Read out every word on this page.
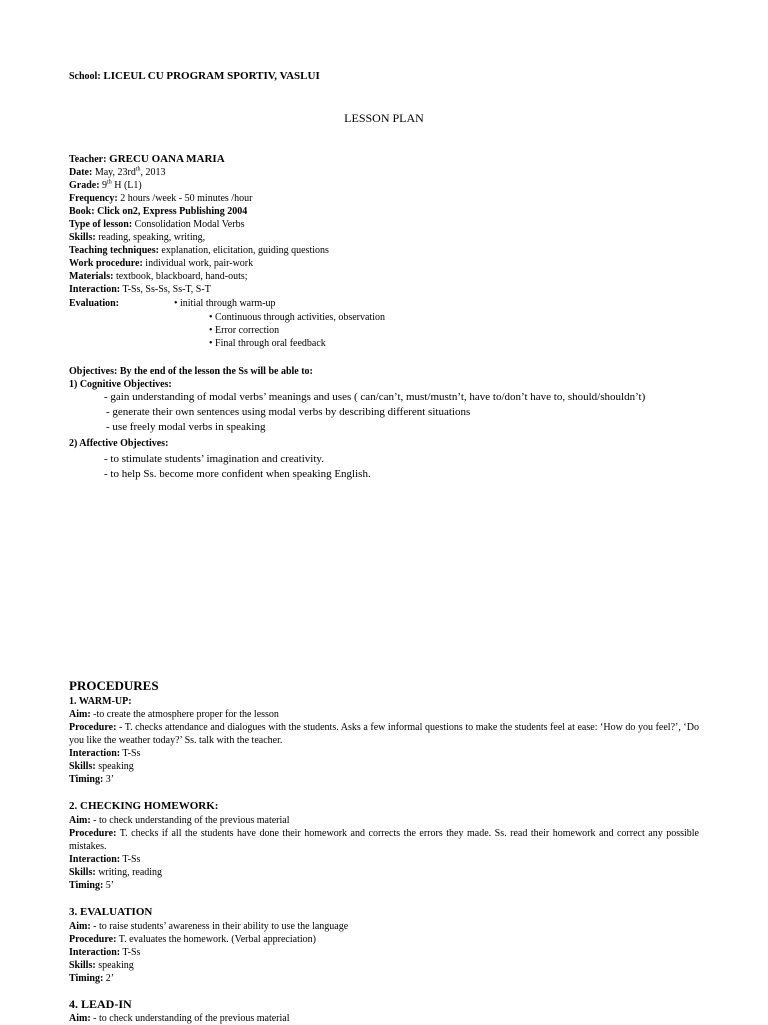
School: LICEUL CU PROGRAM SPORTIV, VASLUI
LESSON PLAN
Teacher: GRECU OANA MARIA
Date: May, $23rd^{th}$, 2013
Grade: 9th H (L1)
Frequency: 2 hours /week - 50 minutes /hour
Book: Click on2, Express Publishing 2004
Type of lesson: Consolidation Modal Verbs
Skills: reading, speaking, writing,
Teaching techniques: explanation, elicitation, guiding questions
Work procedure: individual work, pair-work
Materials: textbook, blackboard, hand-outs;
Interaction: T-Ss, Ss-Ss, Ss-T, S-T
Evaluation:	• initial through warm-up
• Continuous through activities, observation
• Error correction
• Final through oral feedback
Objectives: By the end of the lesson the Ss will be able to:
1) Cognitive Objectives:
- gain understanding of modal verbs’ meanings and uses ( can/can’t, must/mustn’t, have to/don’t have to, should/shouldn’t)
- generate their own sentences using modal verbs by describing different situations
- use freely modal verbs in speaking
2) Affective Objectives:
- to stimulate students’ imagination and creativity.
- to help Ss. become more confident when speaking English.
PROCEDURES
1. WARM-UP:
Aim: -to create the atmosphere proper for the lesson
Procedure: - T. checks attendance and dialogues with the students. Asks a few informal questions to make the students feel at ease: ‘How do you feel?’, ‘Do you like the weather today?’ Ss. talk with the teacher.
Interaction: T-Ss
Skills: speaking
Timing: 3’
2. CHECKING HOMEWORK:
Aim: - to check understanding of the previous material
Procedure: T. checks if all the students have done their homework and corrects the errors they made. Ss. read their homework and correct any possible mistakes.
Interaction: T-Ss
Skills: writing, reading
Timing: 5’
3. EVALUATION
Aim: - to raise students’ awareness in their ability to use the language
Procedure: T. evaluates the homework. (Verbal appreciation)
Interaction: T-Ss
Skills: speaking
Timing: 2’
4. LEAD-IN
Aim: - to check understanding of the previous material
